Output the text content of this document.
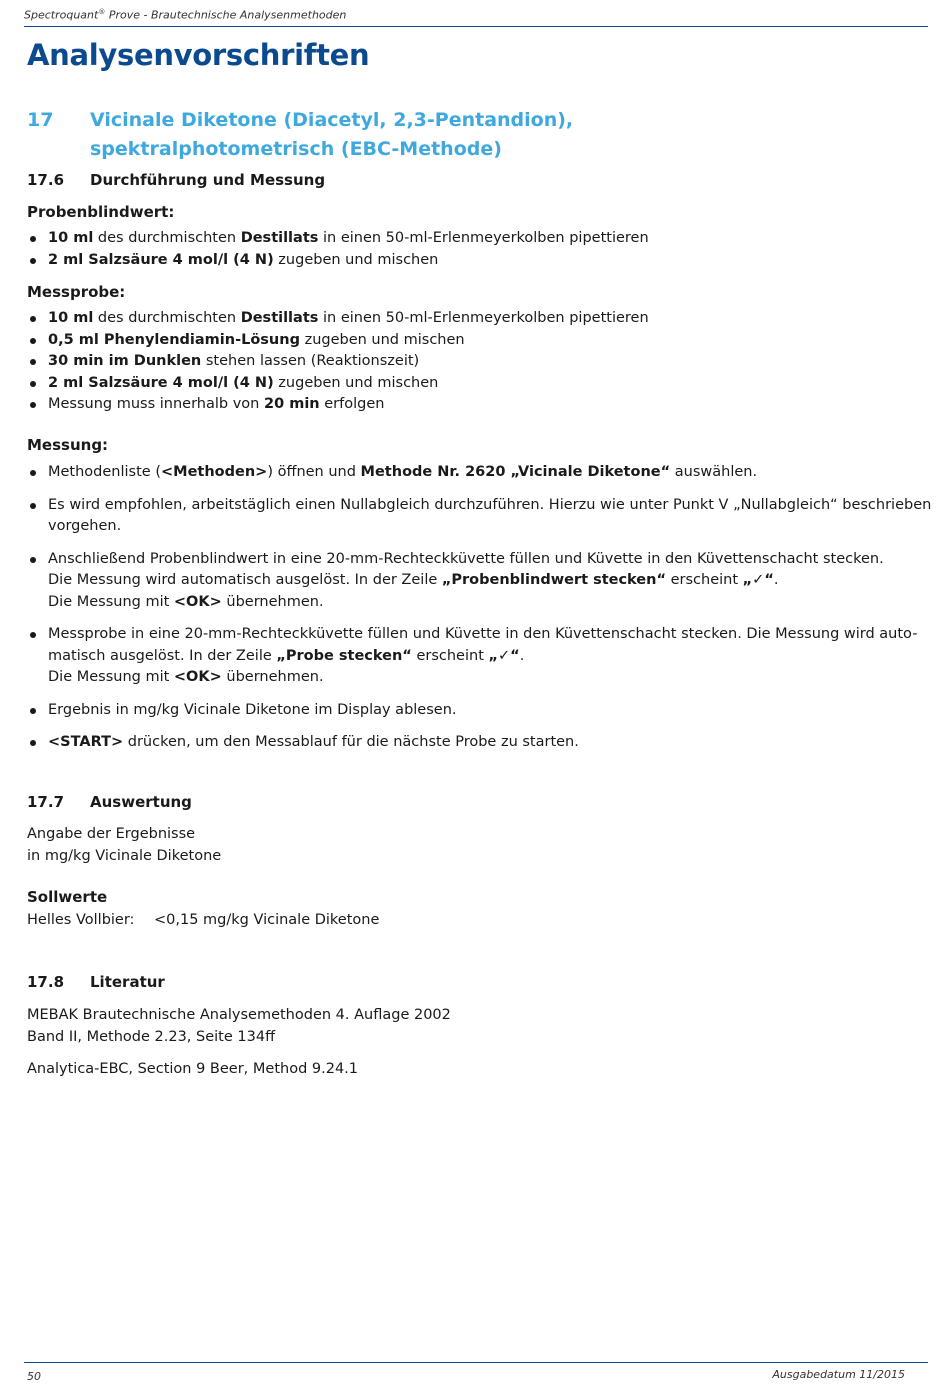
Spectroquant® Prove - Brautechnische Analysenmethoden
Analysenvorschriften
17 Vicinale Diketone (Diacetyl, 2,3-Pentandion), spektralphotometrisch (EBC-Methode)
17.6 Durchführung und Messung
Probenblindwert:
10 ml des durchmischten Destillats in einen 50-ml-Erlenmeyerkolben pipettieren
2 ml Salzsäure 4 mol/l (4 N) zugeben und mischen
Messprobe:
10 ml des durchmischten Destillats in einen 50-ml-Erlenmeyerkolben pipettieren
0,5 ml Phenylendiamin-Lösung zugeben und mischen
30 min im Dunklen stehen lassen (Reaktionszeit)
2 ml Salzsäure 4 mol/l (4 N) zugeben und mischen
Messung muss innerhalb von 20 min erfolgen
Messung:
Methodenliste (<Methoden>) öffnen und Methode Nr. 2620 „Vicinale Diketone“ auswählen.
Es wird empfohlen, arbeitstäglich einen Nullabgleich durchzuführen. Hierzu wie unter Punkt V „Nullabgleich“ beschrieben
vorgehen.
Anschließend Probenblindwert in eine 20-mm-Rechteckküvette füllen und Küvette in den Küvettenschacht stecken.
Die Messung wird automatisch ausgelöst. In der Zeile „Probenblindwert stecken“ erscheint „✓“.
Die Messung mit <OK> übernehmen.
Messprobe in eine 20-mm-Rechteckküvette füllen und Küvette in den Küvettenschacht stecken. Die Messung wird auto-
matisch ausgelöst. In der Zeile „Probe stecken“ erscheint „✓“.
Die Messung mit <OK> übernehmen.
Ergebnis in mg/kg Vicinale Diketone im Display ablesen.
<START> drücken, um den Messablauf für die nächste Probe zu starten.
17.7 Auswertung
Angabe der Ergebnisse
in mg/kg Vicinale Diketone
Sollwerte
Helles Vollbier: <0,15 mg/kg Vicinale Diketone
17.8 Literatur
MEBAK Brautechnische Analysemethoden 4. Auflage 2002
Band II, Methode 2.23, Seite 134ff
Analytica-EBC, Section 9 Beer, Method 9.24.1
50	Ausgabedatum 11/2015
